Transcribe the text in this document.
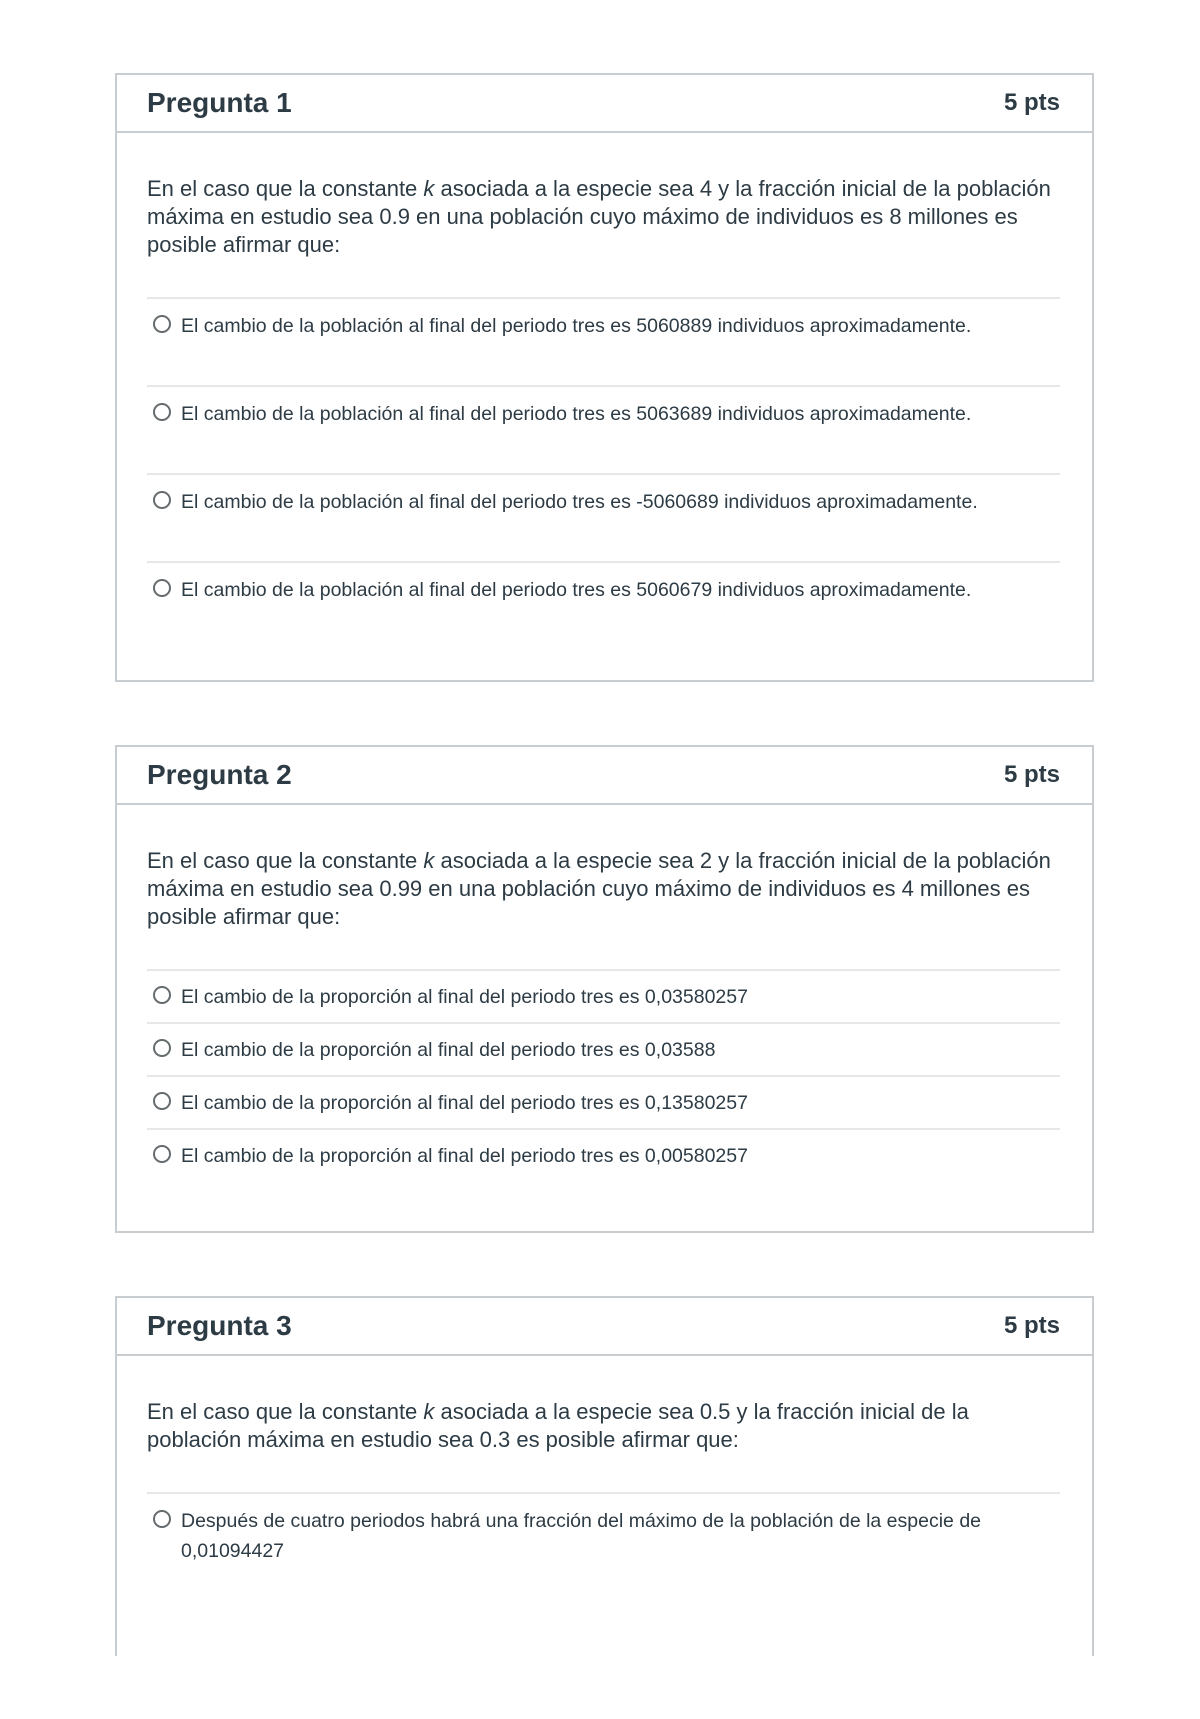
Pregunta 1	5 pts

En el caso que la constante k asociada a la especie sea 4 y la fracción inicial de la población máxima en estudio sea 0.9 en una población cuyo máximo de individuos es 8 millones es posible afirmar que:

El cambio de la población al final del periodo tres es 5060889 individuos aproximadamente.
El cambio de la población al final del periodo tres es 5063689 individuos aproximadamente.
El cambio de la población al final del periodo tres es -5060689 individuos aproximadamente.
El cambio de la población al final del periodo tres es 5060679 individuos aproximadamente.
Pregunta 2	5 pts

En el caso que la constante k asociada a la especie sea 2 y la fracción inicial de la población máxima en estudio sea 0.99 en una población cuyo máximo de individuos es 4 millones es posible afirmar que:

El cambio de la proporción al final del periodo tres es 0,03580257
El cambio de la proporción al final del periodo tres es 0,03588
El cambio de la proporción al final del periodo tres es 0,13580257
El cambio de la proporción al final del periodo tres es 0,00580257
Pregunta 3	5 pts

En el caso que la constante k asociada a la especie sea 0.5 y la fracción inicial de la población máxima en estudio sea 0.3 es posible afirmar que:

Después de cuatro periodos habrá una fracción del máximo de la población de la especie de 0,01094427
